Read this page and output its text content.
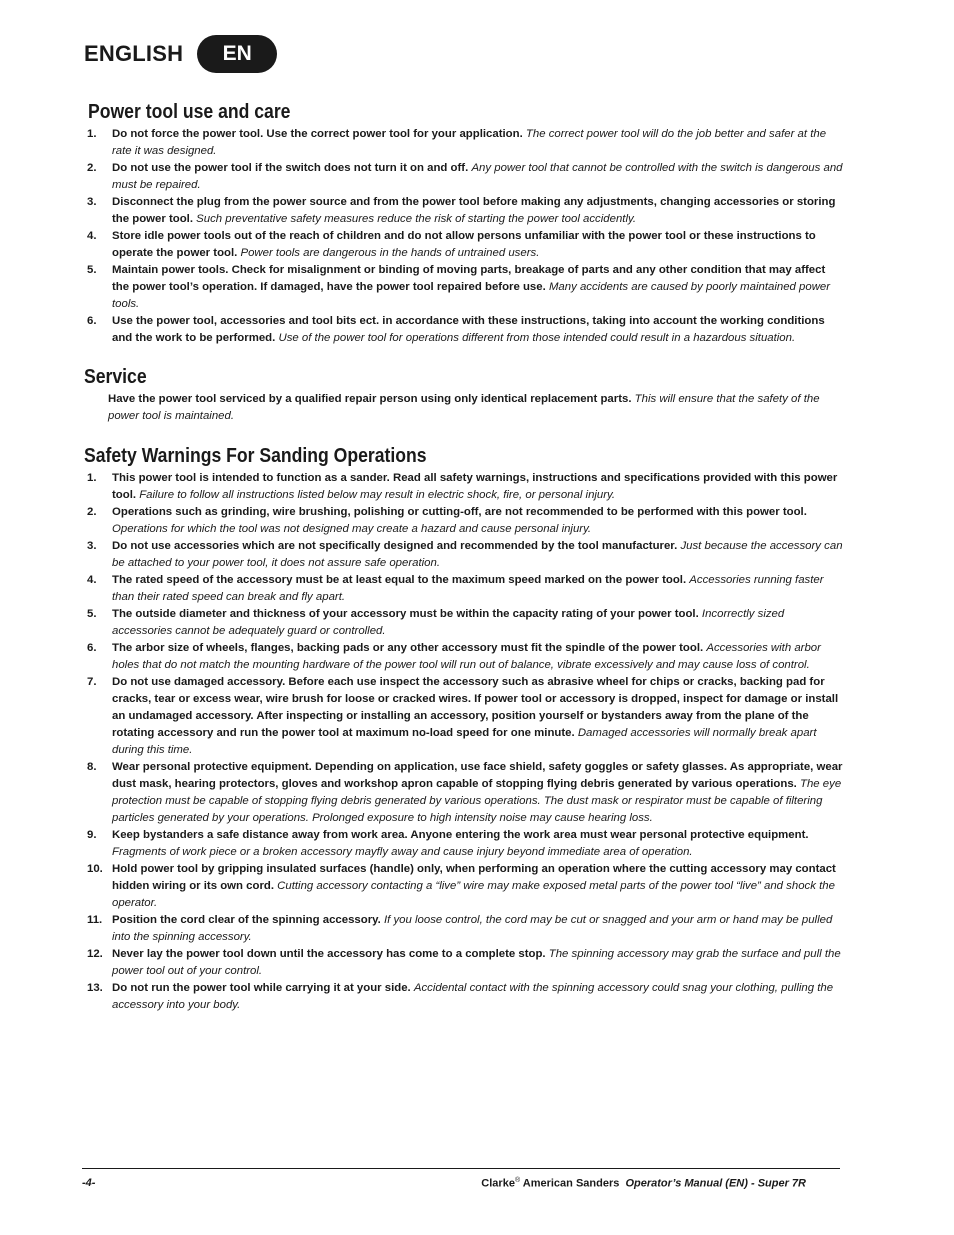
ENGLISH	EN
Power tool use and care
1.	Do not force the power tool. Use the correct power tool for your application. The correct power tool will do the job better and safer at the rate it was designed.
2.	Do not use the power tool if the switch does not turn it on and off. Any power tool that cannot be controlled with the switch is dangerous and must be repaired.
3.	Disconnect the plug from the power source and from the power tool before making any adjustments, changing accessories or storing the power tool. Such preventative safety measures reduce the risk of starting the power tool accidently.
4.	Store idle power tools out of the reach of children and do not allow persons unfamiliar with the power tool or these instructions to operate the power tool. Power tools are dangerous in the hands of untrained users.
5.	Maintain power tools. Check for misalignment or binding of moving parts, breakage of parts and any other condition that may affect the power tool’s operation. If damaged, have the power tool repaired before use. Many accidents are caused by poorly maintained power tools.
6.	Use the power tool, accessories and tool bits ect. in accordance with these instructions, taking into account the working conditions and the work to be performed. Use of the power tool for operations different from those intended could result in a hazardous situation.
Service
Have the power tool serviced by a qualified repair person using only identical replacement parts. This will ensure that the safety of the power tool is maintained.
Safety Warnings For Sanding Operations
1.	This power tool is intended to function as a sander. Read all safety warnings, instructions and specifications provided with this power tool. Failure to follow all instructions listed below may result in electric shock, fire, or personal injury.
2.	Operations such as grinding, wire brushing, polishing or cutting-off, are not recommended to be performed with this power tool. Operations for which the tool was not designed may create a hazard and cause personal injury.
3.	Do not use accessories which are not specifically designed and recommended by the tool manufacturer. Just because the accessory can be attached to your power tool, it does not assure safe operation.
4.	The rated speed of the accessory must be at least equal to the maximum speed marked on the power tool. Accessories running faster than their rated speed can break and fly apart.
5.	The outside diameter and thickness of your accessory must be within the capacity rating of your power tool. Incorrectly sized accessories cannot be adequately guard or controlled.
6.	The arbor size of wheels, flanges, backing pads or any other accessory must fit the spindle of the power tool. Accessories with arbor holes that do not match the mounting hardware of the power tool will run out of balance, vibrate excessively and may cause loss of control.
7.	Do not use damaged accessory. Before each use inspect the accessory such as abrasive wheel for chips or cracks, backing pad for cracks, tear or excess wear, wire brush for loose or cracked wires. If power tool or accessory is dropped, inspect for damage or install an undamaged accessory. After inspecting or installing an accessory, position yourself or bystanders away from the plane of the rotating accessory and run the power tool at maximum no-load speed for one minute. Damaged accessories will normally break apart during this time.
8.	Wear personal protective equipment. Depending on application, use face shield, safety goggles or safety glasses. As appropriate, wear dust mask, hearing protectors, gloves and workshop apron capable of stopping flying debris generated by various operations. The eye protection must be capable of stopping flying debris generated by various operations. The dust mask or respirator must be capable of filtering particles generated by your operations. Prolonged exposure to high intensity noise may cause hearing loss.
9.	Keep bystanders a safe distance away from work area. Anyone entering the work area must wear personal protective equipment. Fragments of work piece or a broken accessory mayfly away and cause injury beyond immediate area of operation.
10. Hold power tool by gripping insulated surfaces (handle) only, when performing an operation where the cutting accessory may contact hidden wiring or its own cord. Cutting accessory contacting a “live” wire may make exposed metal parts of the power tool “live” and shock the operator.
11. Position the cord clear of the spinning accessory. If you loose control, the cord may be cut or snagged and your arm or hand may be pulled into the spinning accessory.
12. Never lay the power tool down until the accessory has come to a complete stop. The spinning accessory may grab the surface and pull the power tool out of your control.
13. Do not run the power tool while carrying it at your side. Accidental contact with the spinning accessory could snag your clothing, pulling the accessory into your body.
-4-	Clarke® American Sanders  Operator’s Manual (EN) - Super 7R
